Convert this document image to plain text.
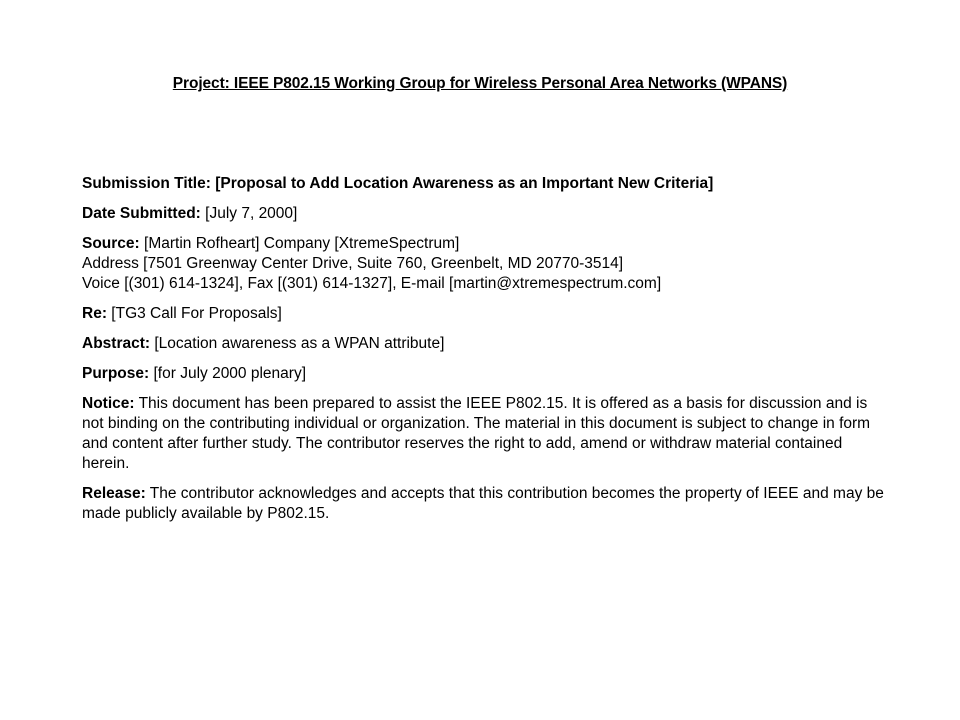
Project: IEEE P802.15 Working Group for Wireless Personal Area Networks (WPANS)
Submission Title: [Proposal to Add Location Awareness as an Important New Criteria]
Date Submitted: [July 7, 2000]
Source: [Martin Rofheart] Company [XtremeSpectrum]
Address [7501 Greenway Center Drive, Suite 760, Greenbelt, MD 20770-3514]
Voice [(301) 614-1324], Fax [(301) 614-1327], E-mail [martin@xtremespectrum.com]
Re: [TG3 Call For Proposals]
Abstract: [Location awareness as a WPAN attribute]
Purpose: [for July 2000 plenary]
Notice: This document has been prepared to assist the IEEE P802.15. It is offered as a basis for discussion and is not binding on the contributing individual or organization. The material in this document is subject to change in form and content after further study. The contributor reserves the right to add, amend or withdraw material contained herein.
Release: The contributor acknowledges and accepts that this contribution becomes the property of IEEE and may be made publicly available by P802.15.
